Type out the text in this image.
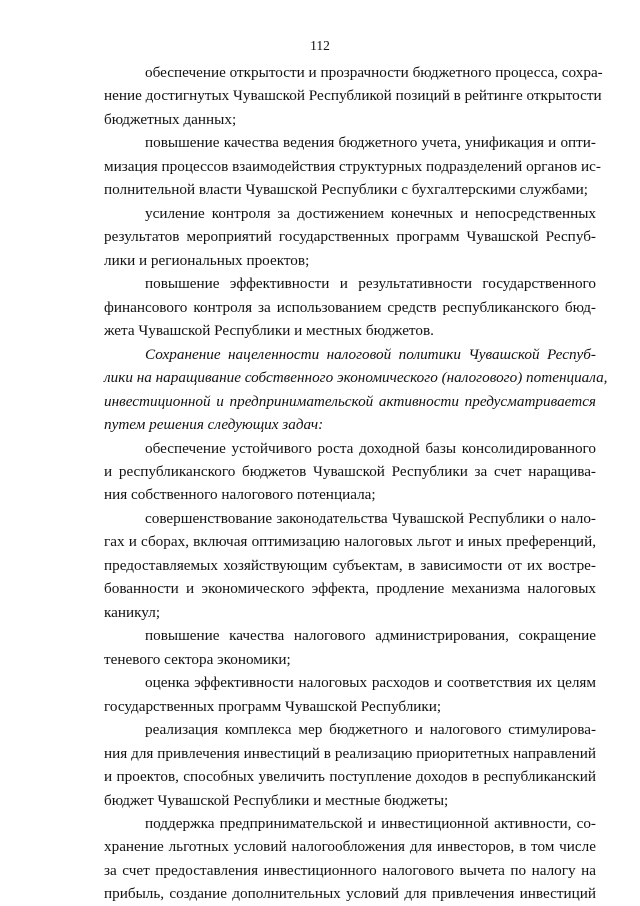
112
обеспечение открытости и прозрачности бюджетного процесса, сохра-
нение достигнутых Чувашской Республикой позиций в рейтинге открытости
бюджетных данных;
повышение качества ведения бюджетного учета, унификация и опти-
мизация процессов взаимодействия структурных подразделений органов ис-
полнительной власти Чувашской Республики с бухгалтерскими службами;
усиление контроля за достижением конечных и непосредственных
результатов мероприятий государственных программ Чувашской Респуб-
лики и региональных проектов;
повышение эффективности и результативности государственного
финансового контроля за использованием средств республиканского бюд-
жета Чувашской Республики и местных бюджетов.
Сохранение нацеленности налоговой политики Чувашской Респуб-
лики на наращивание собственного экономического (налогового) потенциала,
инвестиционной и предпринимательской активности предусматривается
путем решения следующих задач:
обеспечение устойчивого роста доходной базы консолидированного
и республиканского бюджетов Чувашской Республики за счет наращива-
ния собственного налогового потенциала;
совершенствование законодательства Чувашской Республики о нало-
гах и сборах, включая оптимизацию налоговых льгот и иных преференций,
предоставляемых хозяйствующим субъектам, в зависимости от их востре-
бованности и экономического эффекта, продление механизма налоговых
каникул;
повышение качества налогового администрирования, сокращение
теневого сектора экономики;
оценка эффективности налоговых расходов и соответствия их целям
государственных программ Чувашской Республики;
реализация комплекса мер бюджетного и налогового стимулирова-
ния для привлечения инвестиций в реализацию приоритетных направлений
и проектов, способных увеличить поступление доходов в республиканский
бюджет Чувашской Республики и местные бюджеты;
поддержка предпринимательской и инвестиционной активности, со-
хранение льготных условий налогообложения для инвесторов, в том числе
за счет предоставления инвестиционного налогового вычета по налогу на
прибыль, создание дополнительных условий для привлечения инвестиций
